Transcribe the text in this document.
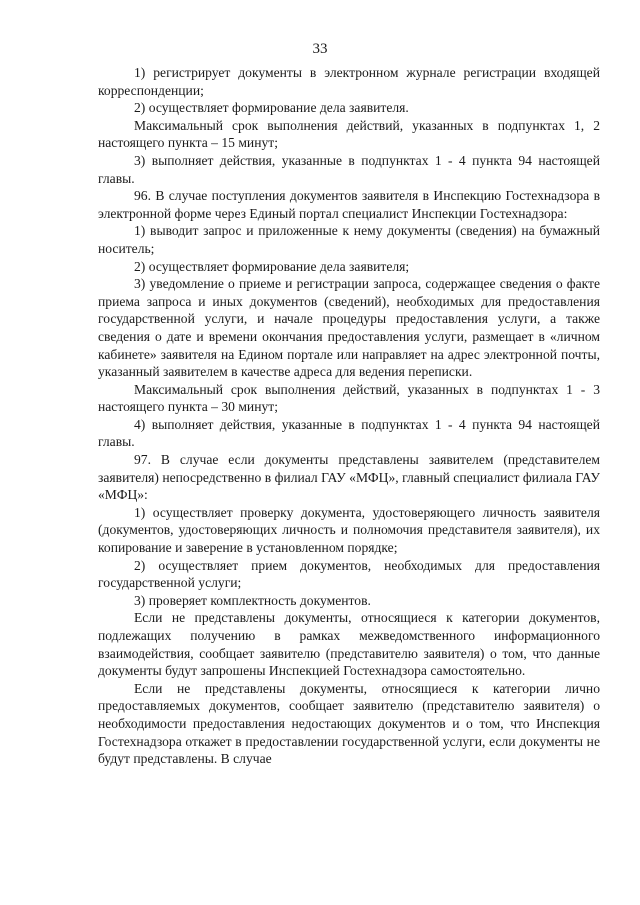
33

1) регистрирует документы в электронном журнале регистрации входящей корреспонденции;

2) осуществляет формирование дела заявителя.

Максимальный срок выполнения действий, указанных в подпунктах 1, 2 настоящего пункта – 15 минут;

3) выполняет действия, указанные в подпунктах 1 - 4 пункта 94 настоящей главы.

96. В случае поступления документов заявителя в Инспекцию Гостехнадзора в электронной форме через Единый портал специалист Инспекции Гостехнадзора:

1) выводит запрос и приложенные к нему документы (сведения) на бумажный носитель;

2) осуществляет формирование дела заявителя;

3) уведомление о приеме и регистрации запроса, содержащее сведения о факте приема запроса и иных документов (сведений), необходимых для предоставления государственной услуги, и начале процедуры предоставления услуги, а также сведения о дате и времени окончания предоставления услуги, размещает в «личном кабинете» заявителя на Едином портале или направляет на адрес электронной почты, указанный заявителем в качестве адреса для ведения переписки.

Максимальный срок выполнения действий, указанных в подпунктах 1 - 3 настоящего пункта – 30 минут;

4) выполняет действия, указанные в подпунктах 1 - 4 пункта 94 настоящей главы.

97. В случае если документы представлены заявителем (представителем заявителя) непосредственно в филиал ГАУ «МФЦ», главный специалист филиала ГАУ «МФЦ»:

1) осуществляет проверку документа, удостоверяющего личность заявителя (документов, удостоверяющих личность и полномочия представителя заявителя), их копирование и заверение в установленном порядке;

2) осуществляет прием документов, необходимых для предоставления государственной услуги;

3) проверяет комплектность документов.

Если не представлены документы, относящиеся к категории документов, подлежащих получению в рамках межведомственного информационного взаимодействия, сообщает заявителю (представителю заявителя) о том, что данные документы будут запрошены Инспекцией Гостехнадзора самостоятельно.

Если не представлены документы, относящиеся к категории лично предоставляемых документов, сообщает заявителю (представителю заявителя) о необходимости предоставления недостающих документов и о том, что Инспекция Гостехнадзора откажет в предоставлении государственной услуги, если документы не будут представлены. В случае
